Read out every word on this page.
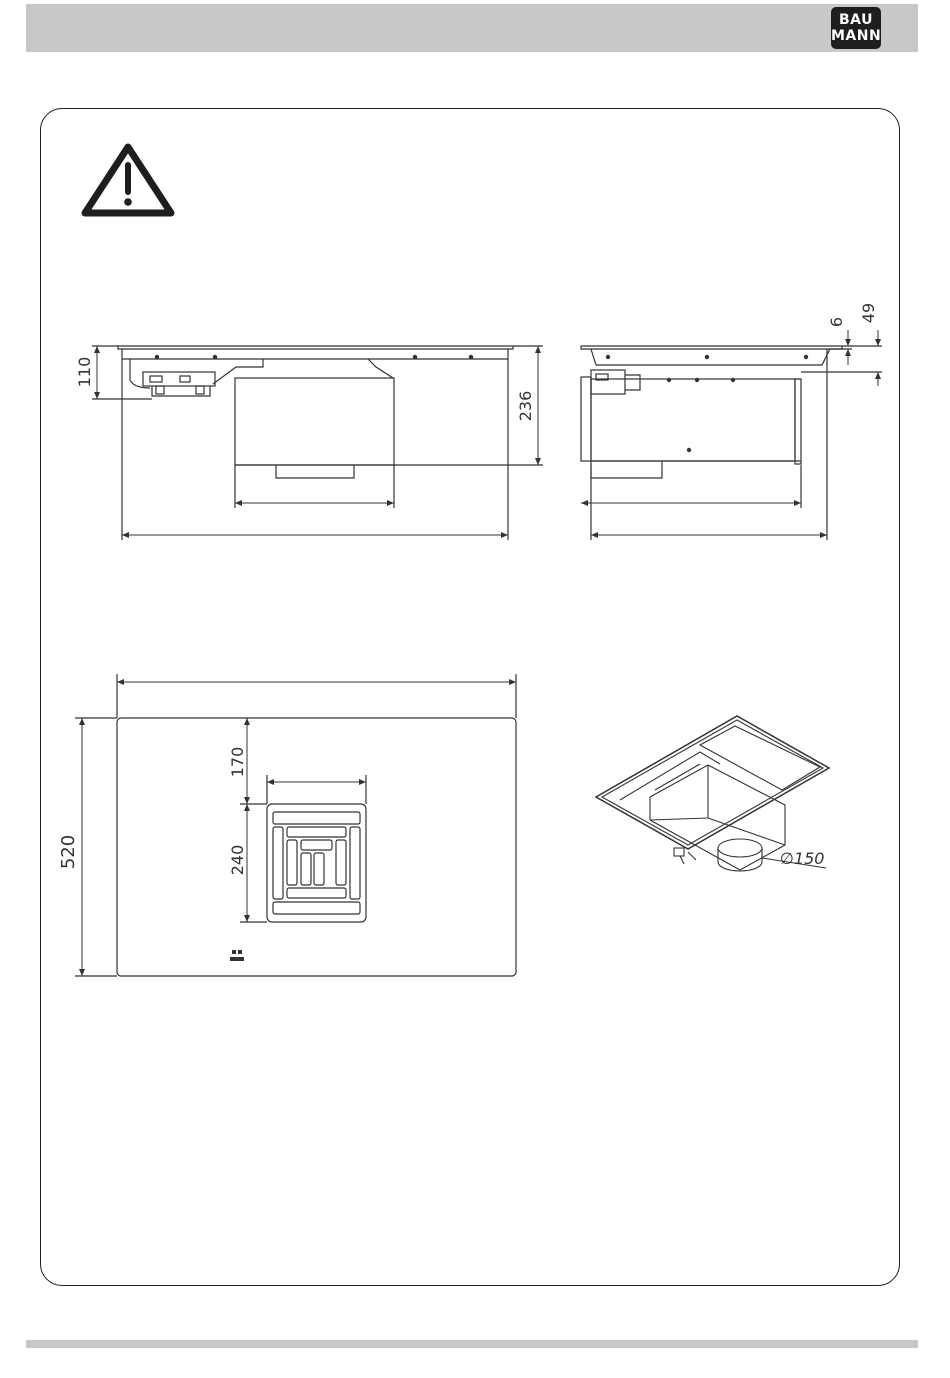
BAU
MANN
110
236
6 49
520
170
240	∅150
